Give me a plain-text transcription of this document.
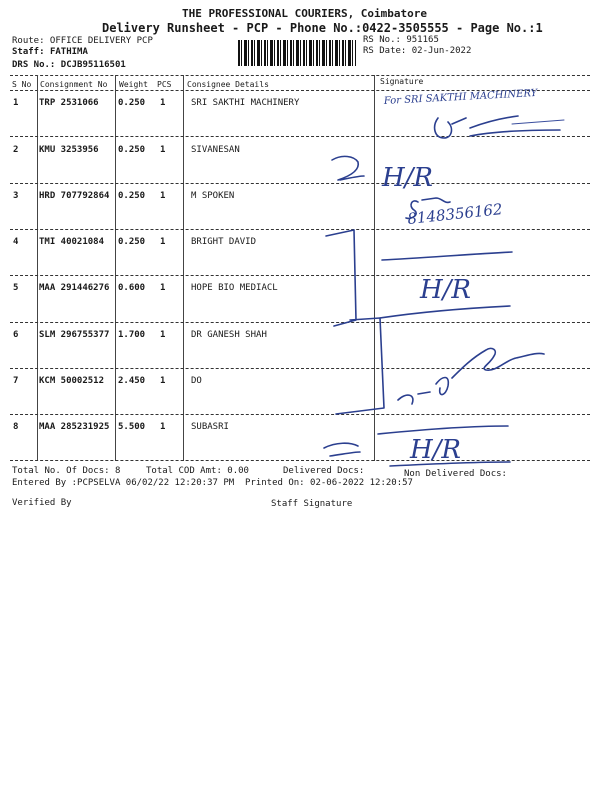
THE PROFESSIONAL COURIERS, Coimbatore
Delivery Runsheet - PCP - Phone No.:0422-3505555 - Page No.:1
Route: OFFICE DELIVERY PCP
Staff: FATHIMA
DRS No.: DCJB95116501
RS No.: 951165
RS Date: 02-Jun-2022
S No Consignment No Weight PCS Consignee Details	Signature
1 TRP 2531066 0.250 1	SRI SAKTHI MACHINERY
2 KMU 3253956 0.250 1	SIVANESAN
3 HRD 707792864 0.250 1	M SPOKEN
4 TMI 40021084 0.250 1	BRIGHT DAVID
5 MAA 291446276 0.600 1	HOPE BIO MEDIACL
6 SLM 296755377 1.700 1	DR GANESH SHAH
7 KCM 50002512 2.450 1	DO
8 MAA 285231925 5.500 1	SUBASRI
For SRI SAKTHI MACHINERY
H/R
8148356162
H/R
H/R
Total No. Of Docs: 8	Total COD Amt: 0.00	Delivered Docs:	Non Delivered Docs:
Entered By :PCPSELVA 06/02/22 12:20:37 PM Printed On: 02-06-2022 12:20:57
Verified By	Staff Signature
